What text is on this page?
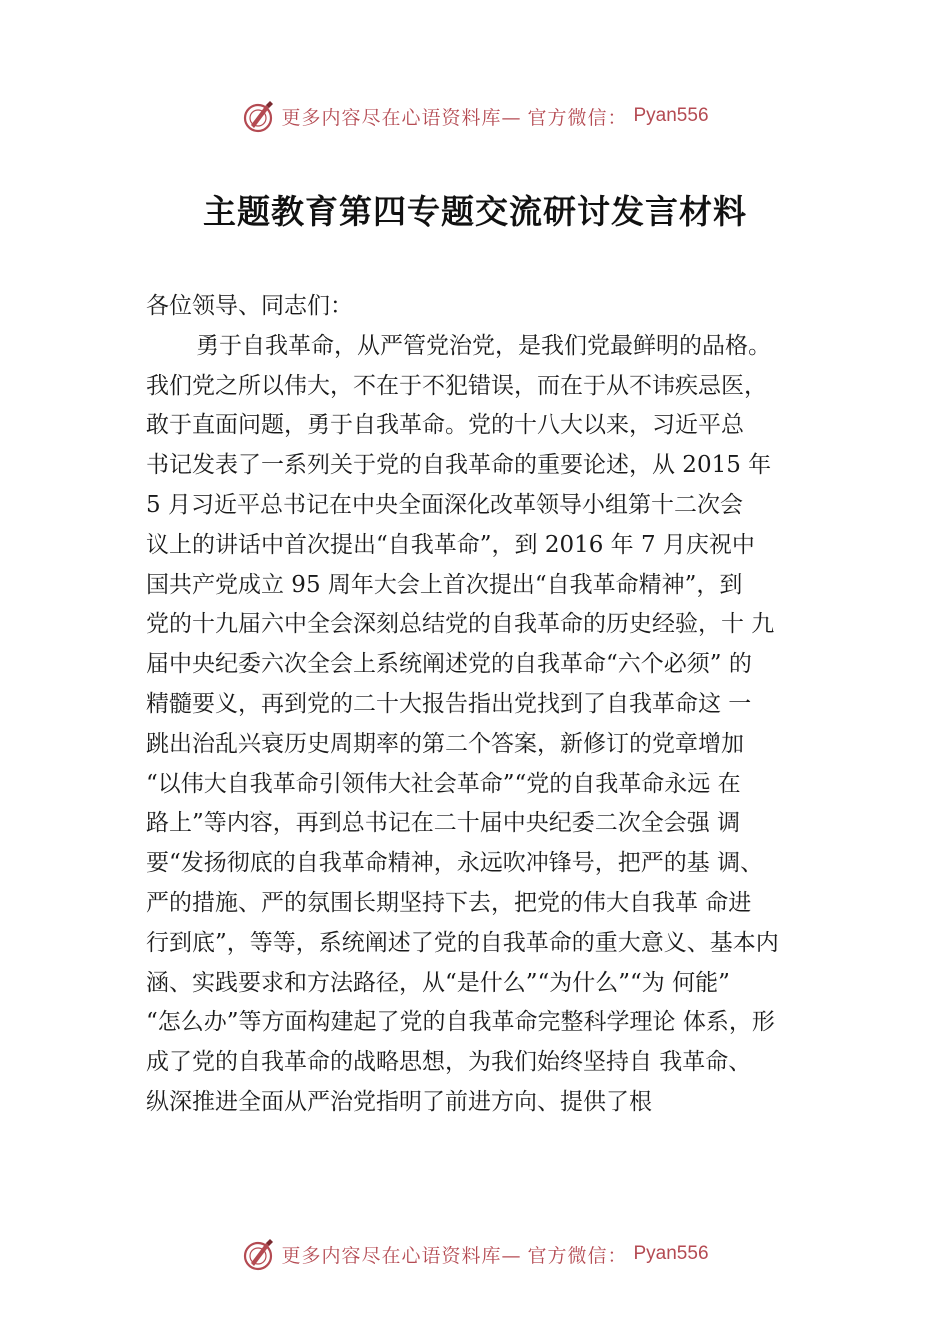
更多内容尽在心语资料库— 官方微信： Pyan556
主题教育第四专题交流研讨发言材料
各位领导、同志们：
勇于自我革命，从严管党治党，是我们党最鲜明的品格。
我们党之所以伟大，不在于不犯错误，而在于从不讳疾忌医，
敢于直面问题，勇于自我革命。党的十八大以来，习近平总
书记发表了一系列关于党的自我革命的重要论述，从 2015 年
5 月习近平总书记在中央全面深化改革领导小组第十二次会
议上的讲话中首次提出“自我革命”，到 2016 年 7 月庆祝中
国共产党成立 95 周年大会上首次提出“自我革命精神”，到
党的十九届六中全会深刻总结党的自我革命的历史经验，十 九
届中央纪委六次全会上系统阐述党的自我革命“六个必须” 的
精髓要义，再到党的二十大报告指出党找到了自我革命这 一
跳出治乱兴衰历史周期率的第二个答案，新修订的党章增加
“以伟大自我革命引领伟大社会革命”“党的自我革命永远 在
路上”等内容，再到总书记在二十届中央纪委二次全会强 调
要“发扬彻底的自我革命精神，永远吹冲锋号，把严的基 调、
严的措施、严的氛围长期坚持下去，把党的伟大自我革 命进
行到底”，等等，系统阐述了党的自我革命的重大意义、基本内
涵、实践要求和方法路径，从“是什么”“为什么”“为 何能”
“怎么办”等方面构建起了党的自我革命完整科学理论 体系，形
成了党的自我革命的战略思想，为我们始终坚持自 我革命、
纵深推进全面从严治党指明了前进方向、提供了根
更多内容尽在心语资料库— 官方微信： Pyan556
